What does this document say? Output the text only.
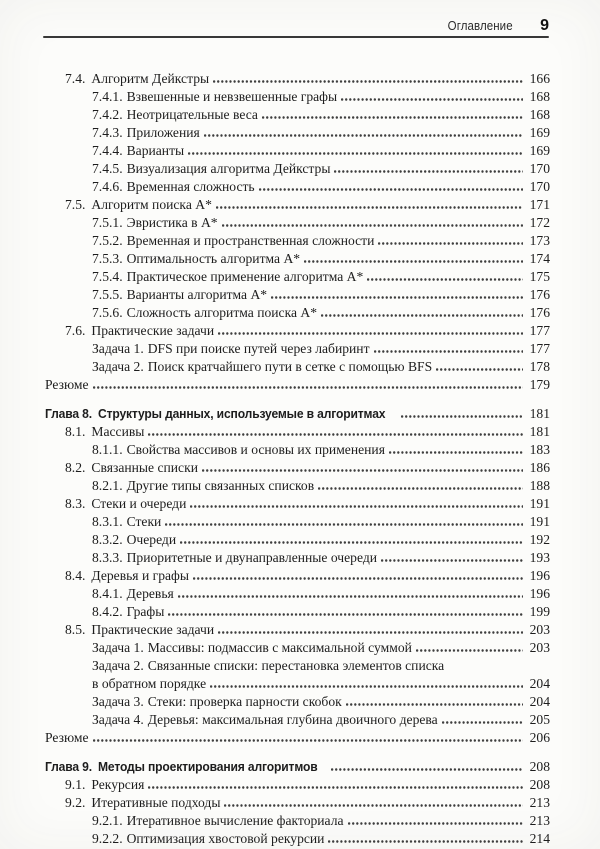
Оглавление 9
7.4. Алгоритм Дейкстры	166
7.4.1. Взвешенные и невзвешенные графы	168
7.4.2. Неотрицательные веса	168
7.4.3. Приложения	169
7.4.4. Варианты	169
7.4.5. Визуализация алгоритма Дейкстры	170
7.4.6. Временная сложность	170
7.5. Алгоритм поиска A*	171
7.5.1. Эвристика в A*	172
7.5.2. Временная и пространственная сложности	173
7.5.3. Оптимальность алгоритма A*	174
7.5.4. Практическое применение алгоритма A*	175
7.5.5. Варианты алгоритма A*	176
7.5.6. Сложность алгоритма поиска A*	176
7.6. Практические задачи	177
Задача 1. DFS при поиске путей через лабиринт	177
Задача 2. Поиск кратчайшего пути в сетке с помощью BFS	178
Резюме	179
Глава 8. Структуры данных, используемые в алгоритмах	181
8.1. Массивы	181
8.1.1. Свойства массивов и основы их применения	183
8.2. Связанные списки	186
8.2.1. Другие типы связанных списков	188
8.3. Стеки и очереди	191
8.3.1. Стеки	191
8.3.2. Очереди	192
8.3.3. Приоритетные и двунаправленные очереди	193
8.4. Деревья и графы	196
8.4.1. Деревья	196
8.4.2. Графы	199
8.5. Практические задачи	203
Задача 1. Массивы: подмассив с максимальной суммой	203
Задача 2. Связанные списки: перестановка элементов списка
в обратном порядке	204
Задача 3. Стеки: проверка парности скобок	204
Задача 4. Деревья: максимальная глубина двоичного дерева	205
Резюме	206
Глава 9. Методы проектирования алгоритмов	208
9.1. Рекурсия	208
9.2. Итеративные подходы	213
9.2.1. Итеративное вычисление факториала	213
9.2.2. Оптимизация хвостовой рекурсии	214
